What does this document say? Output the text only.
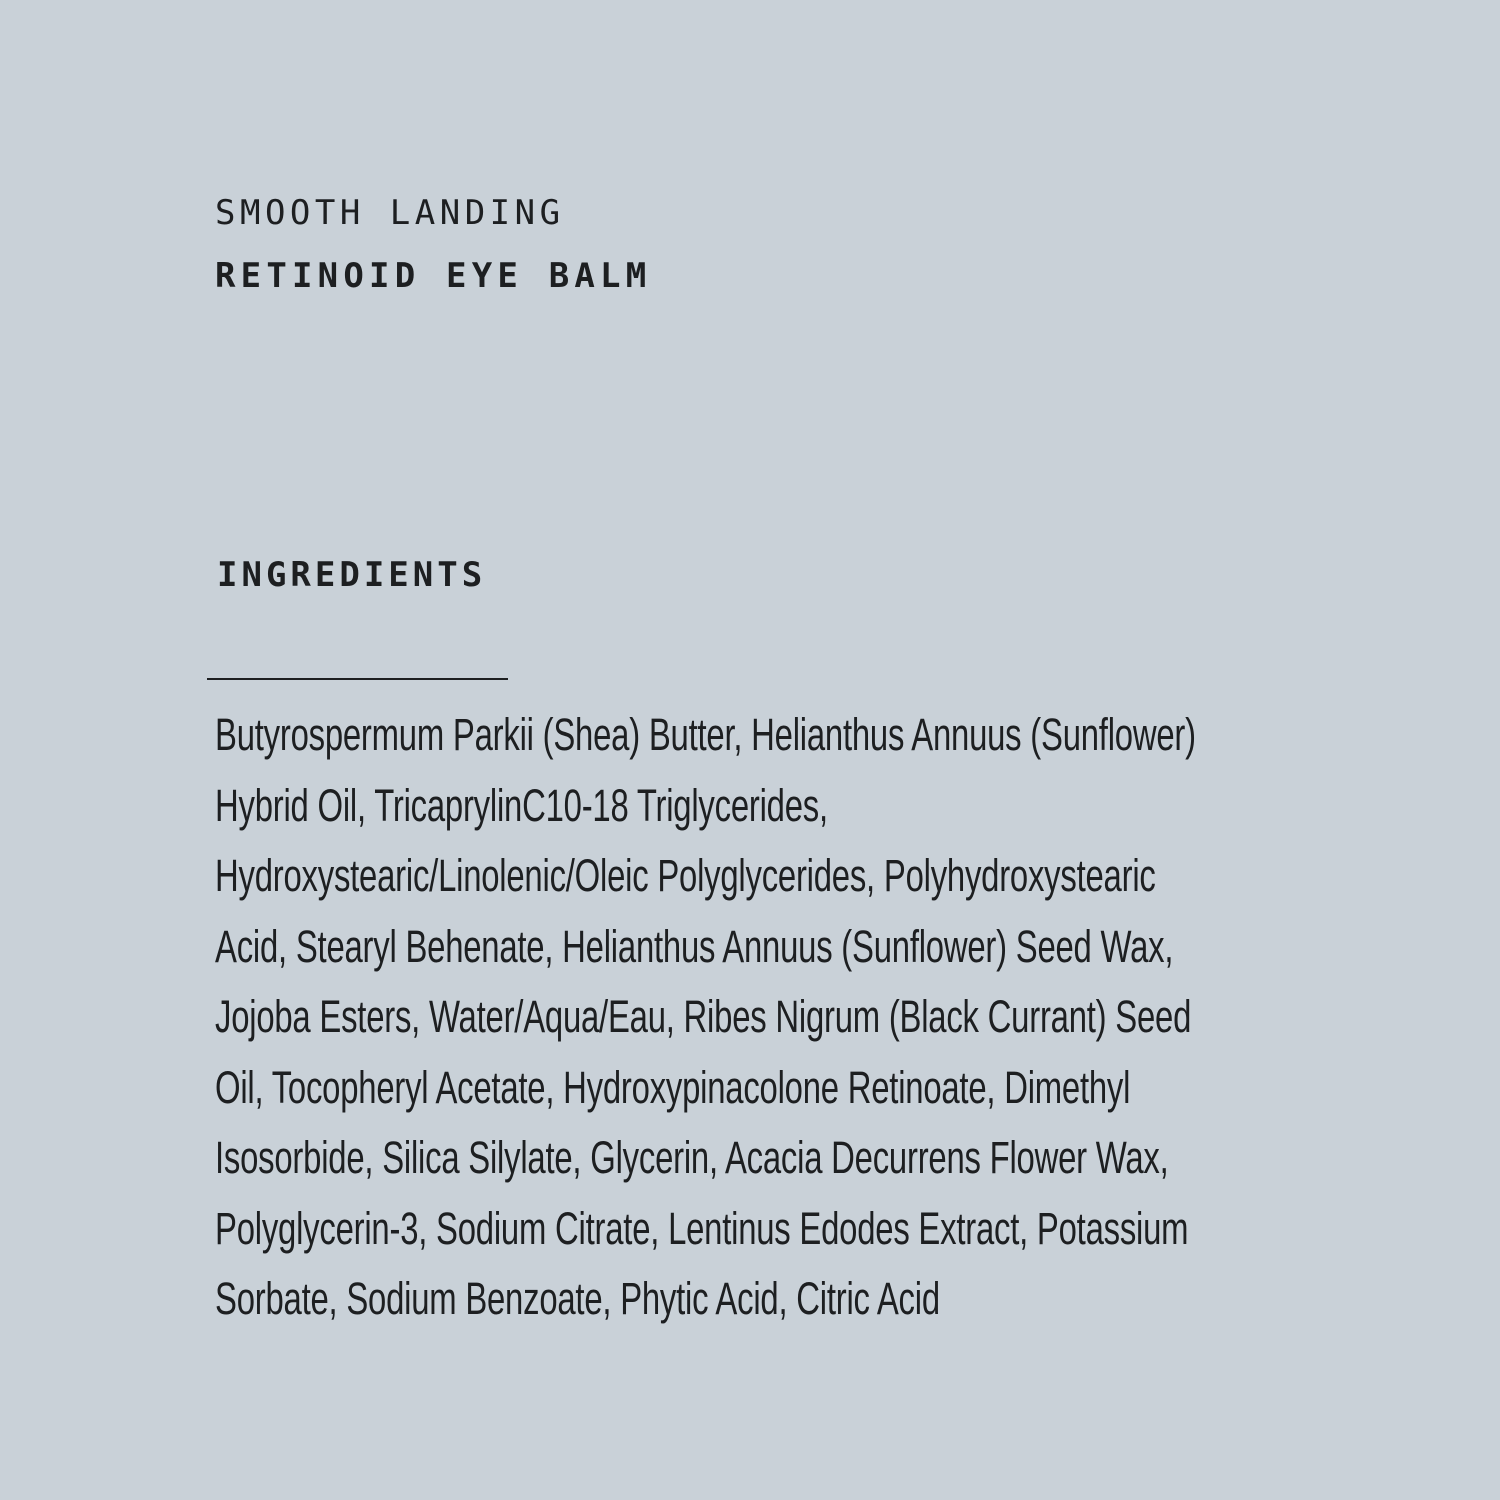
SMOOTH LANDING
RETINOID EYE BALM
INGREDIENTS
Butyrospermum Parkii (Shea) Butter, Helianthus Annuus (Sunflower)
Hybrid Oil, TricaprylinC10-18 Triglycerides,
Hydroxystearic/Linolenic/Oleic Polyglycerides, Polyhydroxystearic
Acid, Stearyl Behenate, Helianthus Annuus (Sunflower) Seed Wax,
Jojoba Esters, Water/Aqua/Eau, Ribes Nigrum (Black Currant) Seed
Oil, Tocopheryl Acetate, Hydroxypinacolone Retinoate, Dimethyl
Isosorbide, Silica Silylate, Glycerin, Acacia Decurrens Flower Wax,
Polyglycerin-3, Sodium Citrate, Lentinus Edodes Extract, Potassium
Sorbate, Sodium Benzoate, Phytic Acid, Citric Acid
